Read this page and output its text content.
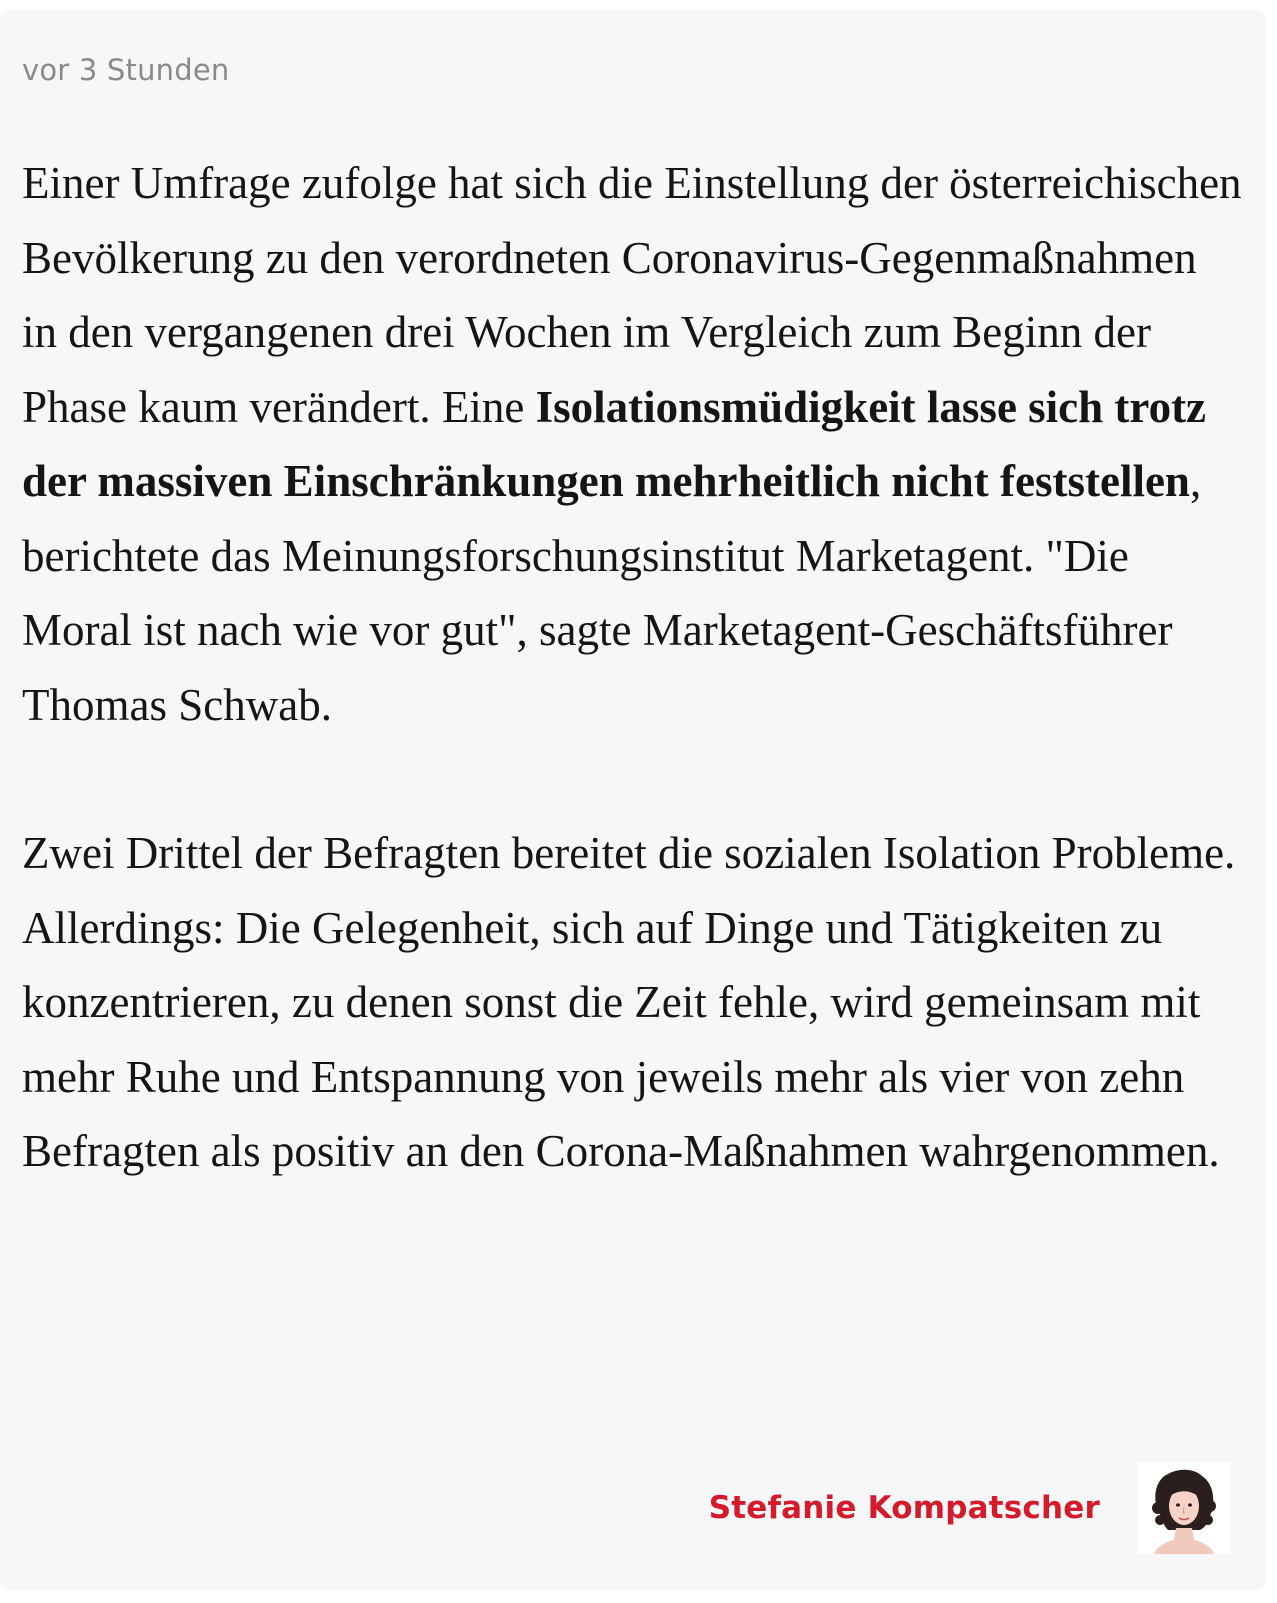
vor 3 Stunden

Einer Umfrage zufolge hat sich die Einstellung der österreichischen Bevölkerung zu den verordneten Coronavirus-Gegenmaßnahmen in den vergangenen drei Wochen im Vergleich zum Beginn der Phase kaum verändert. Eine Isolationsmüdigkeit lasse sich trotz der massiven Einschränkungen mehrheitlich nicht feststellen, berichtete das Meinungsforschungsinstitut Marketagent. "Die Moral ist nach wie vor gut", sagte Marketagent-Geschäftsführer Thomas Schwab.

Zwei Drittel der Befragten bereitet die sozialen Isolation Probleme. Allerdings: Die Gelegenheit, sich auf Dinge und Tätigkeiten zu konzentrieren, zu denen sonst die Zeit fehle, wird gemeinsam mit mehr Ruhe und Entspannung von jeweils mehr als vier von zehn Befragten als positiv an den Corona-Maßnahmen wahrgenommen.

Stefanie Kompatscher
